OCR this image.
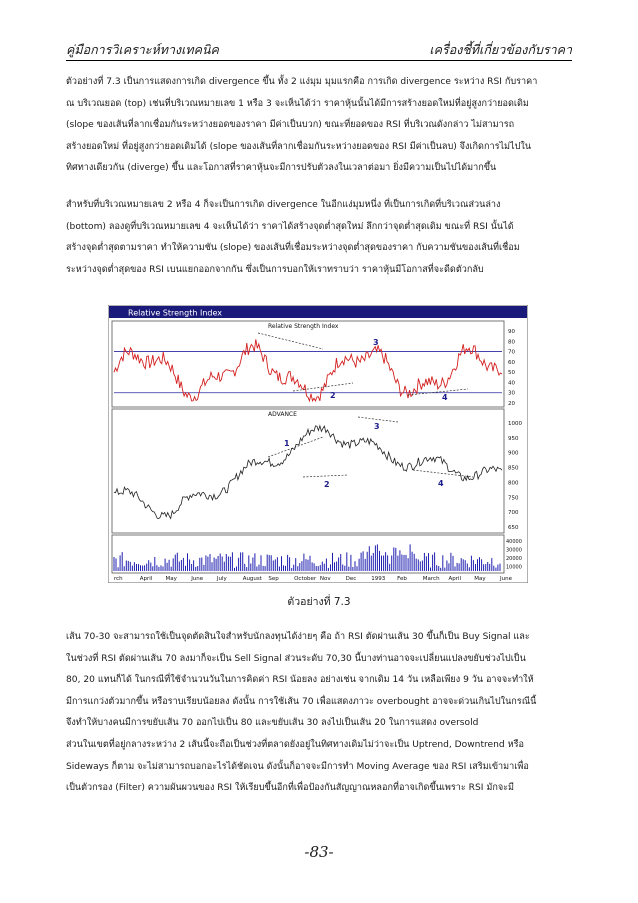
คู่มือการวิเคราะห์ทางเทคนิค	เครื่องชี้ที่เกี่ยวข้องกับราคา
ตัวอย่างที่ 7.3 เป็นการแสดงการเกิด divergence ขึ้น ทั้ง 2 แง่มุม มุมแรกคือ การเกิด divergence ระหว่าง RSI กับราคา
ณ บริเวณยอด (top) เช่นที่บริเวณหมายเลข 1 หรือ 3 จะเห็นได้ว่า ราคาหุ้นนั้นได้มีการสร้างยอดใหม่ที่อยู่สูงกว่ายอดเดิม
(slope ของเส้นที่ลากเชื่อมกันระหว่างยอดของราคา มีค่าเป็นบวก) ขณะที่ยอดของ RSI ที่บริเวณดังกล่าว ไม่สามารถ
สร้างยอดใหม่ ที่อยู่สูงกว่ายอดเดิมได้ (slope ของเส้นที่ลากเชื่อมกันระหว่างยอดของ RSI มีค่าเป็นลบ) จึงเกิดการไม่ไปใน
ทิศทางเดียวกัน (diverge) ขึ้น และโอกาสที่ราคาหุ้นจะมีการปรับตัวลงในเวลาต่อมา ยิ่งมีความเป็นไปได้มากขึ้น
สำหรับที่บริเวณหมายเลข 2 หรือ 4 ก็จะเป็นการเกิด divergence ในอีกแง่มุมหนึ่ง ที่เป็นการเกิดที่บริเวณส่วนล่าง
(bottom) ลองดูที่บริเวณหมายเลข 4 จะเห็นได้ว่า ราคาได้สร้างจุดต่ำสุดใหม่ ลึกกว่าจุดต่ำสุดเดิม ขณะที่ RSI นั้นได้
สร้างจุดต่ำสุดตามราคา ทำให้ความชัน (slope) ของเส้นที่เชื่อมระหว่างจุดต่ำสุดของราคา กับความชันของเส้นที่เชื่อม
ระหว่างจุดต่ำสุดของ RSI เบนแยกออกจากกัน ซึ่งเป็นการบอกให้เราทราบว่า ราคาหุ้นมีโอกาสที่จะดีดตัวกลับ
Relative Strength Index
Relative Strength Index
90
80
70
60
50
40
30
20
2
3
4
ADVANCE
1
1000
950
900
850
800
750
700
650
2
3
4
40000
30000
20000
10000
rch	April May	June July	August Sep	October Nov	Dec	1993 Feb	March April May	June
ตัวอย่างที่ 7.3
เส้น 70-30 จะสามารถใช้เป็นจุดตัดสินใจสำหรับนักลงทุนได้ง่ายๆ คือ ถ้า RSI ตัดผ่านเส้น 30 ขึ้นก็เป็น Buy Signal และ
ในช่วงที่ RSI ตัดผ่านเส้น 70 ลงมาก็จะเป็น Sell Signal ส่วนระดับ 70,30 นี้บางท่านอาจจะเปลี่ยนแปลงขยับช่วงไปเป็น
80, 20 แทนก็ได้ ในกรณีที่ใช้จำนวนวันในการคิดค่า RSI น้อยลง อย่างเช่น จากเดิม 14 วัน เหลือเพียง 9 วัน อาจจะทำให้
มีการแกว่งตัวมากขึ้น หรือราบเรียบน้อยลง ดังนั้น การใช้เส้น 70 เพื่อแสดงภาวะ overbought อาจจะด่วนเกินไปในกรณีนี้
จึงทำให้บางคนมีการขยับเส้น 70 ออกไปเป็น 80 และขยับเส้น 30 ลงไปเป็นเส้น 20 ในการแสดง oversold
ส่วนในเขตที่อยู่กลางระหว่าง 2 เส้นนี้จะถือเป็นช่วงที่ตลาดยังอยู่ในทิศทางเดิมไม่ว่าจะเป็น Uptrend, Downtrend หรือ
Sideways ก็ตาม จะไม่สามารถบอกอะไรได้ชัดเจน ดังนั้นก็อาจจะมีการทำ Moving Average ของ RSI เสริมเข้ามาเพื่อ
เป็นตัวกรอง (Filter) ความผันผวนของ RSI ให้เรียบขึ้นอีกที่เพื่อป้องกันสัญญาณหลอกที่อาจเกิดขึ้นเพราะ RSI มักจะมี
-83-
